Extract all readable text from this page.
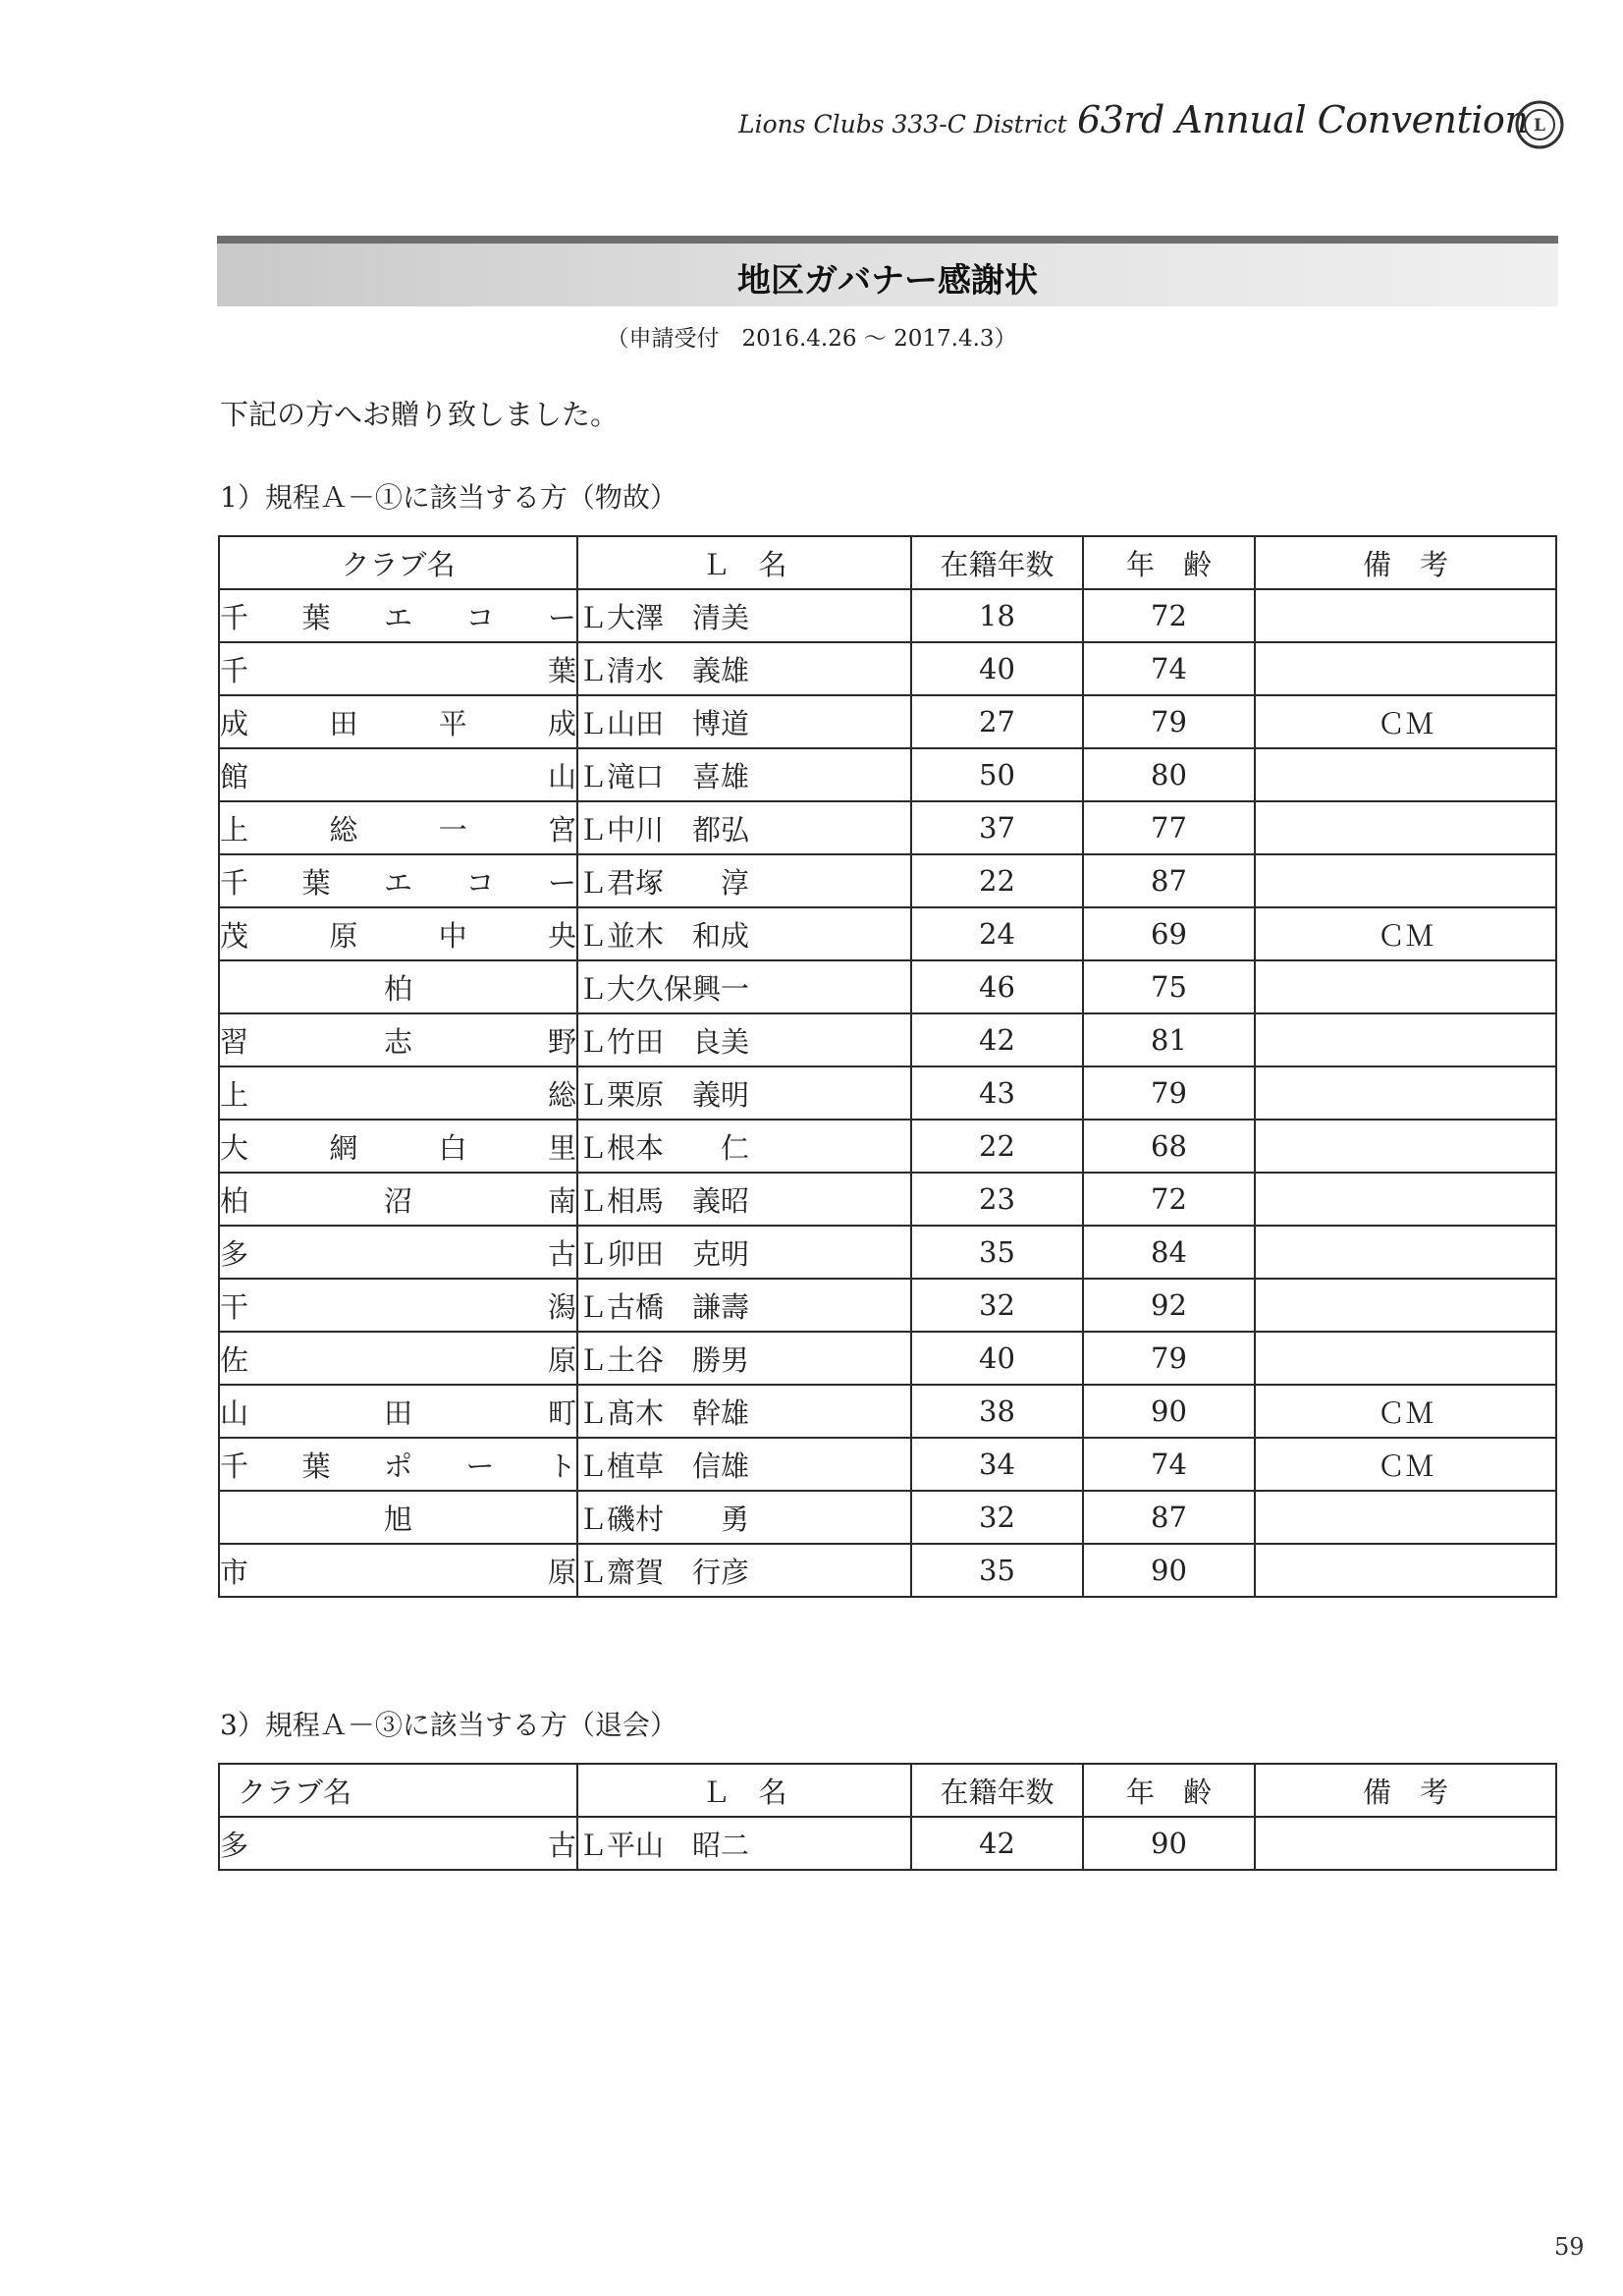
Lions Clubs 333-C District 63rd Annual Convention L
地区ガバナー感謝状
（申請受付　2016.4.26 ～ 2017.4.3）
下記の方へお贈り致しました。
1）規程Ａ－①に該当する方（物故）
クラブ名	Ｌ　名	在籍年数	年　齢	備　考

千 葉 エ コ ー	Ｌ大澤　清美	18	72	

千 葉	Ｌ清水　義雄	40	74	

成 田 平 成	Ｌ山田　博道	27	79	ＣＭ

館 山	Ｌ滝口　喜雄	50	80	

上 総 一 宮	Ｌ中川　都弘	37	77	

千 葉 エ コ ー	Ｌ君塚　　淳	22	87	

茂 原 中 央	Ｌ並木　和成	24	69	ＣＭ

柏	Ｌ大久保興一	46	75	

習 志 野	Ｌ竹田　良美	42	81	

上 総	Ｌ栗原　義明	43	79	

大 網 白 里	Ｌ根本　　仁	22	68	

柏 沼 南	Ｌ相馬　義昭	23	72	

多 古	Ｌ卯田　克明	35	84	

干 潟	Ｌ古橋　謙壽	32	92	

佐 原	Ｌ土谷　勝男	40	79	

山 田 町	Ｌ髙木　幹雄	38	90	ＣＭ

千 葉 ポ ー ト	Ｌ植草　信雄	34	74	ＣＭ

旭	Ｌ磯村　　勇	32	87	

市 原	Ｌ齋賀　行彦	35	90	
3）規程Ａ－③に該当する方（退会）
クラブ名	Ｌ　名	在籍年数	年　齢	備　考

多 古	Ｌ平山　昭二	42	90	
59
